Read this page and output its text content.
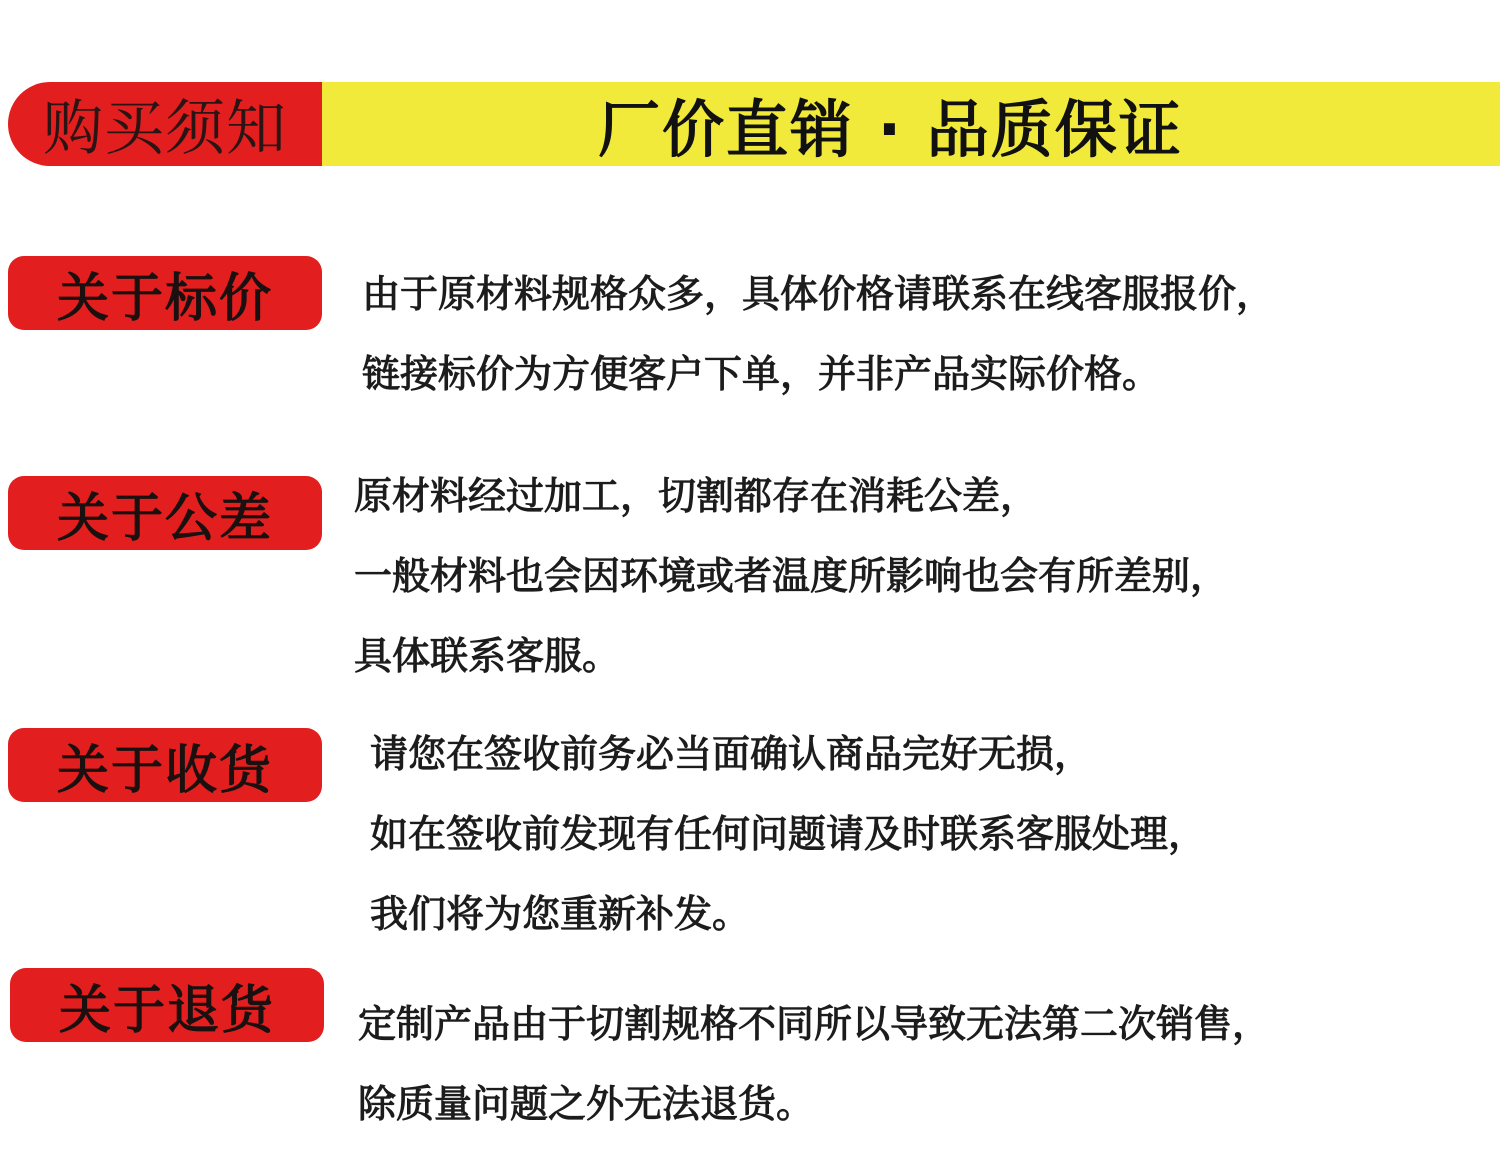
购买须知	厂价直销 · 品质保证
关于标价 由于原材料规格众多，具体价格请联系在线客服报价，
链接标价为方便客户下单，并非产品实际价格。
关于公差 原材料经过加工，切割都存在消耗公差，
一般材料也会因环境或者温度所影响也会有所差别，
具体联系客服。
关于收货	请您在签收前务必当面确认商品完好无损，
如在签收前发现有任何问题请及时联系客服处理，
我们将为您重新补发。
关于退货 定制产品由于切割规格不同所以导致无法第二次销售，
除质量问题之外无法退货。
